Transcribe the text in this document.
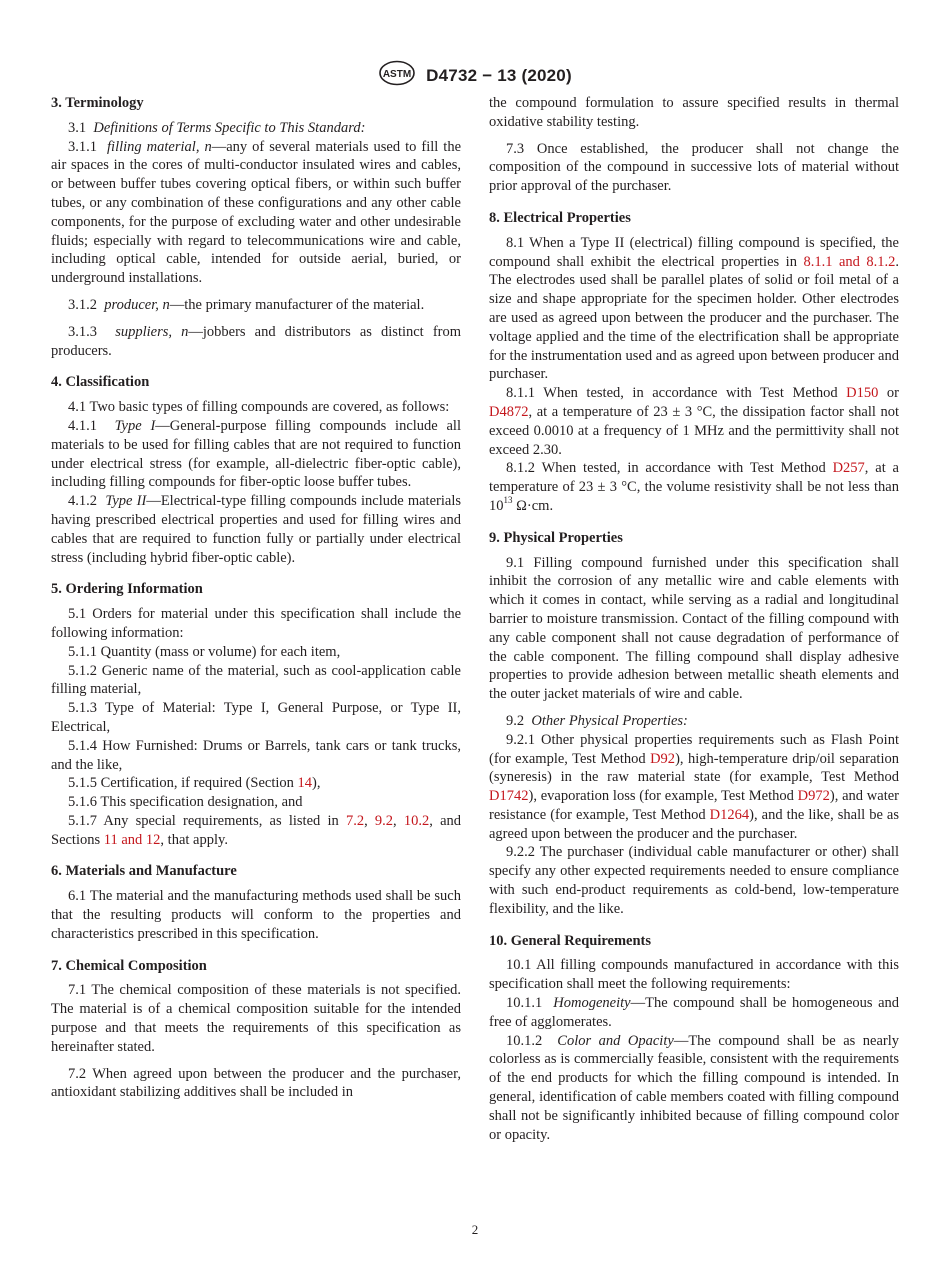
ASTM D4732 − 13 (2020)
3. Terminology

3.1 Definitions of Terms Specific to This Standard:

3.1.1 filling material, n—any of several materials used to fill the air spaces in the cores of multi-conductor insulated wires and cables, or between buffer tubes covering optical fibers, or within such buffer tubes, or any combination of these configurations and any other cable components, for the purpose of excluding water and other undesirable fluids; especially with regard to telecommunications wire and cable, including optical cable, intended for outside aerial, buried, or underground installations.

3.1.2 producer, n—the primary manufacturer of the material.

3.1.3 suppliers, n—jobbers and distributors as distinct from producers.

4. Classification

4.1 Two basic types of filling compounds are covered, as follows:

4.1.1 Type I—General-purpose filling compounds include all materials to be used for filling cables that are not required to function under electrical stress (for example, all-dielectric fiber-optic cable), including filling compounds for fiber-optic loose buffer tubes.

4.1.2 Type II—Electrical-type filling compounds include materials having prescribed electrical properties and used for filling wires and cables that are required to function fully or partially under electrical stress (including hybrid fiber-optic cable).

5. Ordering Information

5.1 Orders for material under this specification shall include the following information:

5.1.1 Quantity (mass or volume) for each item,

5.1.2 Generic name of the material, such as cool-application cable filling material,

5.1.3 Type of Material: Type I, General Purpose, or Type II, Electrical,

5.1.4 How Furnished: Drums or Barrels, tank cars or tank trucks, and the like,

5.1.5 Certification, if required (Section 14),

5.1.6 This specification designation, and

5.1.7 Any special requirements, as listed in 7.2, 9.2, 10.2, and Sections 11 and 12, that apply.

6. Materials and Manufacture

6.1 The material and the manufacturing methods used shall be such that the resulting products will conform to the properties and characteristics prescribed in this specification.

7. Chemical Composition

7.1 The chemical composition of these materials is not specified. The material is of a chemical composition suitable for the intended purpose and that meets the requirements of this specification as hereinafter stated.

7.2 When agreed upon between the producer and the purchaser, antioxidant stabilizing additives shall be included in

the compound formulation to assure specified results in thermal oxidative stability testing.

7.3 Once established, the producer shall not change the composition of the compound in successive lots of material without prior approval of the purchaser.

8. Electrical Properties

8.1 When a Type II (electrical) filling compound is specified, the compound shall exhibit the electrical properties in 8.1.1 and 8.1.2. The electrodes used shall be parallel plates of solid or foil metal of a size and shape appropriate for the specimen holder. Other electrodes are used as agreed upon between the producer and the purchaser. The voltage applied and the time of the electrification shall be appropriate for the instrumentation used and as agreed upon between producer and purchaser.

8.1.1 When tested, in accordance with Test Method D150 or D4872, at a temperature of 23 ± 3 °C, the dissipation factor shall not exceed 0.0010 at a frequency of 1 MHz and the permittivity shall not exceed 2.30.

8.1.2 When tested, in accordance with Test Method D257, at a temperature of 23 ± 3 °C, the volume resistivity shall be not less than $10^{13}$ Ω·cm.

9. Physical Properties

9.1 Filling compound furnished under this specification shall inhibit the corrosion of any metallic wire and cable elements with which it comes in contact, while serving as a radial and longitudinal barrier to moisture transmission. Contact of the filling compound with any cable component shall not cause degradation of performance of the cable component. The filling compound shall display adhesive properties to provide adhesion between metallic sheath elements and the outer jacket materials of wire and cable.

9.2 Other Physical Properties:

9.2.1 Other physical properties requirements such as Flash Point (for example, Test Method D92), high-temperature drip/oil separation (syneresis) in the raw material state (for example, Test Method D1742), evaporation loss (for example, Test Method D972), and water resistance (for example, Test Method D1264), and the like, shall be as agreed upon between the producer and the purchaser.

9.2.2 The purchaser (individual cable manufacturer or other) shall specify any other expected requirements needed to ensure compliance with such end-product requirements as cold-bend, low-temperature flexibility, and the like.

10. General Requirements

10.1 All filling compounds manufactured in accordance with this specification shall meet the following requirements:

10.1.1 Homogeneity—The compound shall be homogeneous and free of agglomerates.

10.1.2 Color and Opacity—The compound shall be as nearly colorless as is commercially feasible, consistent with the requirements of the end products for which the filling compound is intended. In general, identification of cable members coated with filling compound shall not be significantly inhibited because of filling compound color or opacity.

2
